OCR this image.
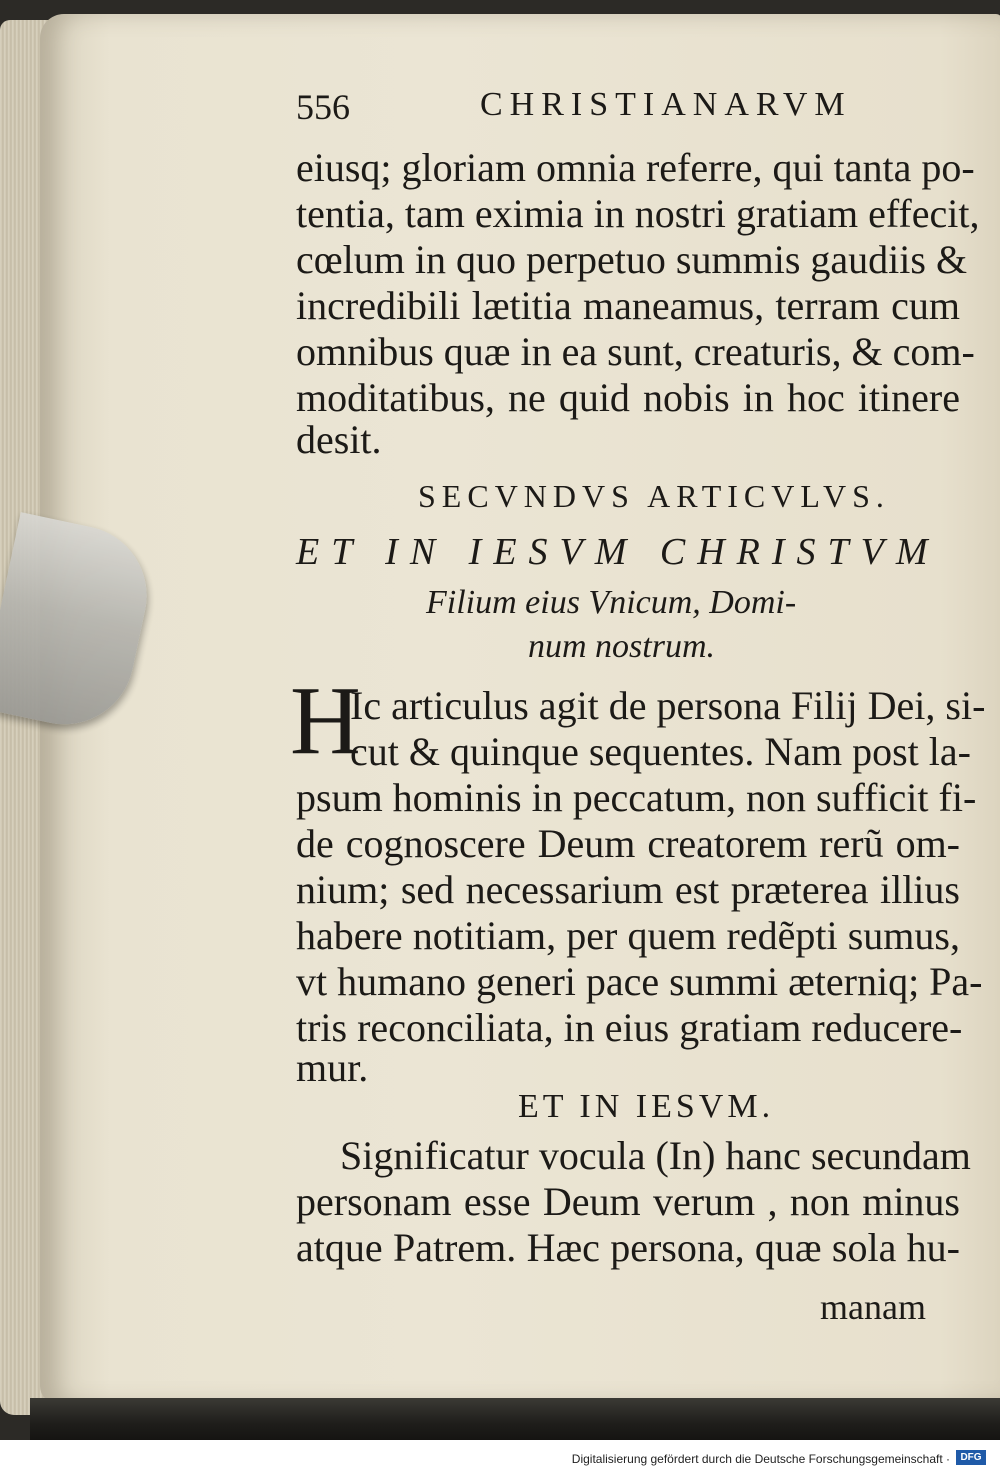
556	CHRISTIANARVM
eiusq; gloriam omnia referre, qui tanta po-
tentia, tam eximia in nostri gratiam effecit,
cœlum in quo perpetuo summis gaudiis &
incredibili lætitia maneamus, terram cum
omnibus quæ in ea sunt, creaturis, & com-
moditatibus, ne quid nobis in hoc itinere
desit.
SECVNDVS ARTICVLVS.
ET IN IESVM CHRISTVM
Filium eius Vnicum, Domi-
num nostrum.
H
Ic articulus agit de persona Filij Dei, si-
cut & quinque sequentes. Nam post la-
psum hominis in peccatum, non sufficit fi-
de cognoscere Deum creatorem rerũ om-
nium; sed necessarium est præterea illius
habere notitiam, per quem redẽpti sumus,
vt humano generi pace summi æterniq; Pa-
tris reconciliata, in eius gratiam reducere-
mur.
ET IN IESVM.
Significatur vocula (In) hanc secundam
personam esse Deum verum , non minus
atque Patrem. Hæc persona, quæ sola hu-
manam
Digitalisierung gefördert durch die Deutsche Forschungsgemeinschaft ·	DFG
